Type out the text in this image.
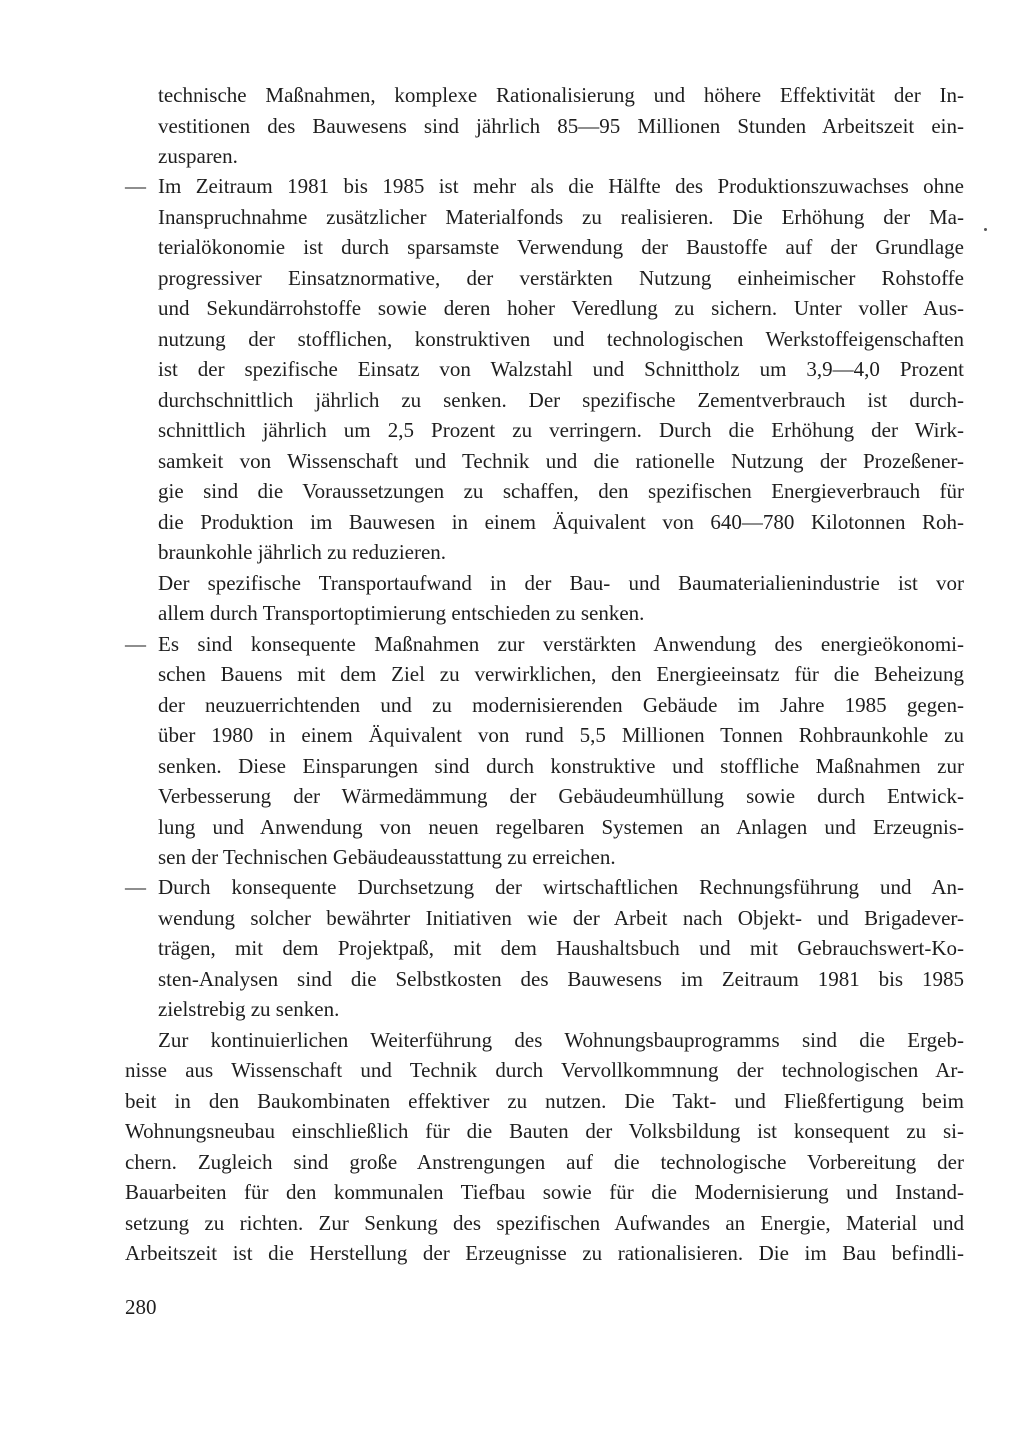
technische Maßnahmen, komplexe Rationalisierung und höhere Effektivität der In-
vestitionen des Bauwesens sind jährlich 85—95 Millionen Stunden Arbeitszeit ein-
zusparen.
— Im Zeitraum 1981 bis 1985 ist mehr als die Hälfte des Produktionszuwachses ohne
Inanspruchnahme zusätzlicher Materialfonds zu realisieren. Die Erhöhung der Ma-
terialökonomie ist durch sparsamste Verwendung der Baustoffe auf der Grundlage
progressiver Einsatznormative, der verstärkten Nutzung einheimischer Rohstoffe
und Sekundärrohstoffe sowie deren hoher Veredlung zu sichern. Unter voller Aus-
nutzung der stofflichen, konstruktiven und technologischen Werkstoffeigenschaften
ist der spezifische Einsatz von Walzstahl und Schnittholz um 3,9—4,0 Prozent
durchschnittlich jährlich zu senken. Der spezifische Zementverbrauch ist durch-
schnittlich jährlich um 2,5 Prozent zu verringern. Durch die Erhöhung der Wirk-
samkeit von Wissenschaft und Technik und die rationelle Nutzung der Prozeßener-
gie sind die Voraussetzungen zu schaffen, den spezifischen Energieverbrauch für
die Produktion im Bauwesen in einem Äquivalent von 640—780 Kilotonnen Roh-
braunkohle jährlich zu reduzieren.
Der spezifische Transportaufwand in der Bau- und Baumaterialienindustrie ist vor
allem durch Transportoptimierung entschieden zu senken.
— Es sind konsequente Maßnahmen zur verstärkten Anwendung des energieökonomi-
schen Bauens mit dem Ziel zu verwirklichen, den Energieeinsatz für die Beheizung
der neuzuerrichtenden und zu modernisierenden Gebäude im Jahre 1985 gegen-
über 1980 in einem Äquivalent von rund 5,5 Millionen Tonnen Rohbraunkohle zu
senken. Diese Einsparungen sind durch konstruktive und stoffliche Maßnahmen zur
Verbesserung der Wärmedämmung der Gebäudeumhüllung sowie durch Entwick-
lung und Anwendung von neuen regelbaren Systemen an Anlagen und Erzeugnis-
sen der Technischen Gebäudeausstattung zu erreichen.
— Durch konsequente Durchsetzung der wirtschaftlichen Rechnungsführung und An-
wendung solcher bewährter Initiativen wie der Arbeit nach Objekt- und Brigadever-
trägen, mit dem Projektpaß, mit dem Haushaltsbuch und mit Gebrauchswert-Ko-
sten-Analysen sind die Selbstkosten des Bauwesens im Zeitraum 1981 bis 1985
zielstrebig zu senken.
Zur kontinuierlichen Weiterführung des Wohnungsbauprogramms sind die Ergeb-
nisse aus Wissenschaft und Technik durch Vervollkommnung der technologischen Ar-
beit in den Baukombinaten effektiver zu nutzen. Die Takt- und Fließfertigung beim
Wohnungsneubau einschließlich für die Bauten der Volksbildung ist konsequent zu si-
chern. Zugleich sind große Anstrengungen auf die technologische Vorbereitung der
Bauarbeiten für den kommunalen Tiefbau sowie für die Modernisierung und Instand-
setzung zu richten. Zur Senkung des spezifischen Aufwandes an Energie, Material und
Arbeitszeit ist die Herstellung der Erzeugnisse zu rationalisieren. Die im Bau befindli-
280
